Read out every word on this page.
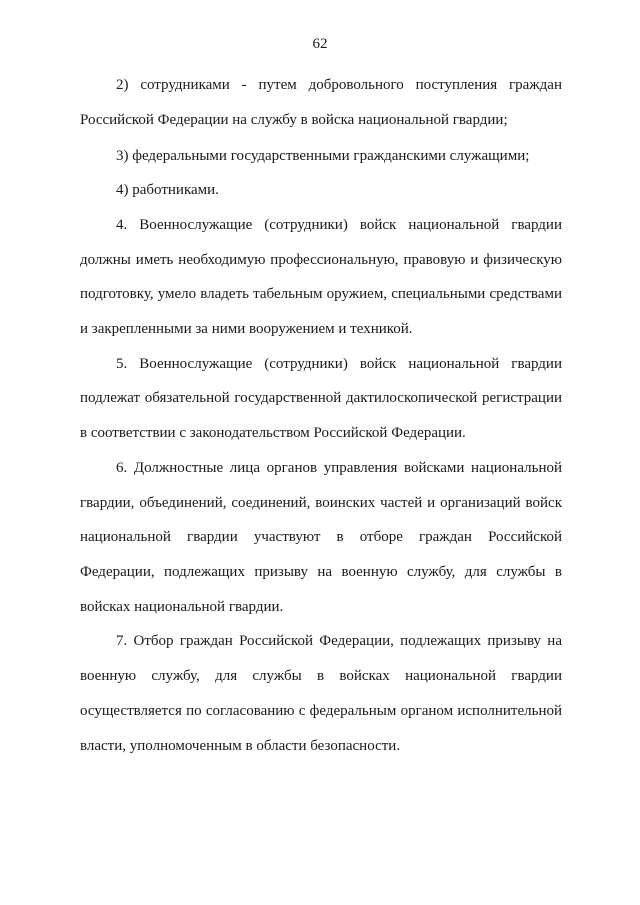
62
2) сотрудниками - путем добровольного поступления граждан
Российской Федерации на службу в войска национальной гвардии;
3) федеральными государственными гражданскими служащими;
4) работниками.
4. Военнослужащие (сотрудники) войск национальной гвардии
должны иметь необходимую профессиональную, правовую и физическую
подготовку, умело владеть табельным оружием, специальными средствами
и закрепленными за ними вооружением и техникой.
5. Военнослужащие (сотрудники) войск национальной гвардии
подлежат обязательной государственной дактилоскопической регистрации
в соответствии с законодательством Российской Федерации.
6. Должностные лица органов управления войсками национальной
гвардии, объединений, соединений, воинских частей и организаций войск
национальной гвардии участвуют в отборе граждан Российской
Федерации, подлежащих призыву на военную службу, для службы в
войсках национальной гвардии.
7. Отбор граждан Российской Федерации, подлежащих призыву на
военную службу, для службы в войсках национальной гвардии
осуществляется по согласованию с федеральным органом исполнительной
власти, уполномоченным в области безопасности.
